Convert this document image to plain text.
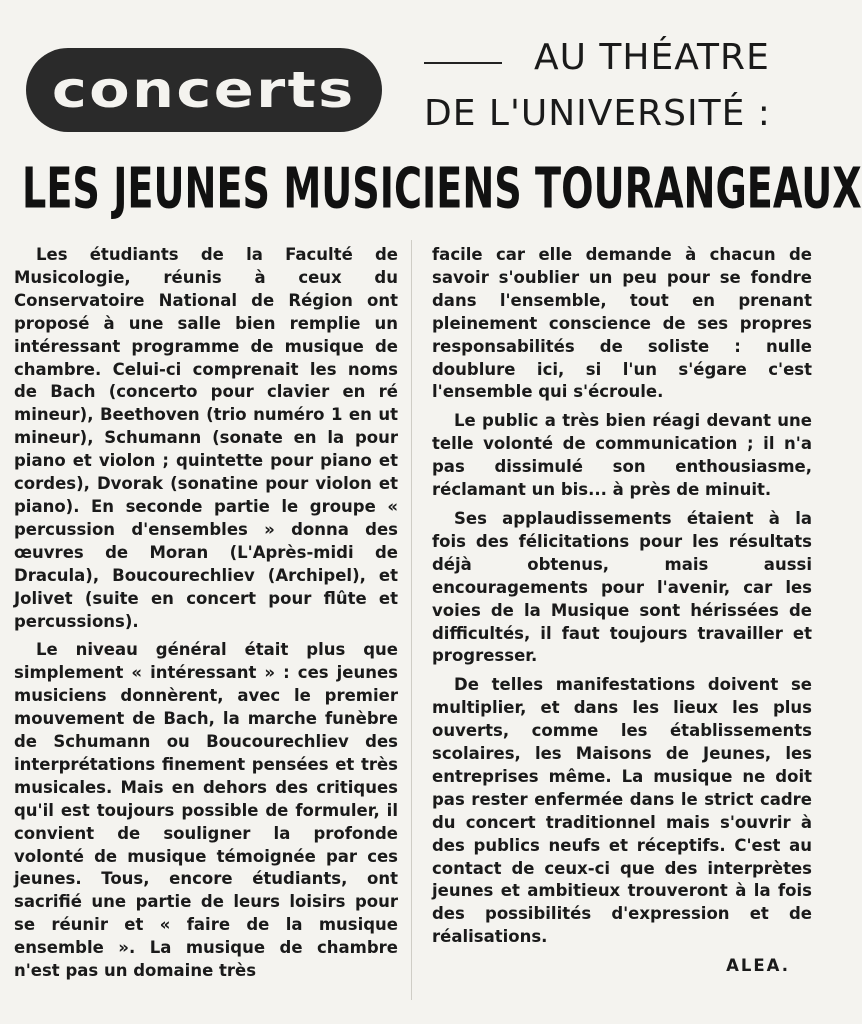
concerts
AU THÉATRE
DE L'UNIVERSITÉ :
LES JEUNES MUSICIENS TOURANGEAUX

Les étudiants de la Faculté de Musicologie, réunis à ceux du Conservatoire National de Région ont proposé à une salle bien remplie un intéressant programme de musique de chambre. Celui-ci comprenait les noms de Bach (concerto pour clavier en ré mineur), Beethoven (trio numéro 1 en ut mineur), Schumann (sonate en la pour piano et violon ; quintette pour piano et cordes), Dvorak (sonatine pour violon et piano). En seconde partie le groupe « percussion d'ensembles » donna des œuvres de Moran (L'Après-midi de Dracula), Boucourechliev (Archipel), et Jolivet (suite en concert pour flûte et percussions).

Le niveau général était plus que simplement « intéressant » : ces jeunes musiciens donnèrent, avec le premier mouvement de Bach, la marche funèbre de Schumann ou Boucourechliev des interprétations finement pensées et très musicales. Mais en dehors des critiques qu'il est toujours possible de formuler, il convient de souligner la profonde volonté de musique témoignée par ces jeunes. Tous, encore étudiants, ont sacrifié une partie de leurs loisirs pour se réunir et « faire de la musique ensemble ». La musique de chambre n'est pas un domaine très

facile car elle demande à chacun de savoir s'oublier un peu pour se fondre dans l'ensemble, tout en prenant pleinement conscience de ses propres responsabilités de soliste : nulle doublure ici, si l'un s'égare c'est l'ensemble qui s'écroule.

Le public a très bien réagi devant une telle volonté de communication ; il n'a pas dissimulé son enthousiasme, réclamant un bis... à près de minuit.

Ses applaudissements étaient à la fois des félicitations pour les résultats déjà obtenus, mais aussi encouragements pour l'avenir, car les voies de la Musique sont hérissées de difficultés, il faut toujours travailler et progresser.

De telles manifestations doivent se multiplier, et dans les lieux les plus ouverts, comme les établissements scolaires, les Maisons de Jeunes, les entreprises même. La musique ne doit pas rester enfermée dans le strict cadre du concert traditionnel mais s'ouvrir à des publics neufs et réceptifs. C'est au contact de ceux-ci que des interprètes jeunes et ambitieux trouveront à la fois des possibilités d'expression et de réalisations.

ALEA.
